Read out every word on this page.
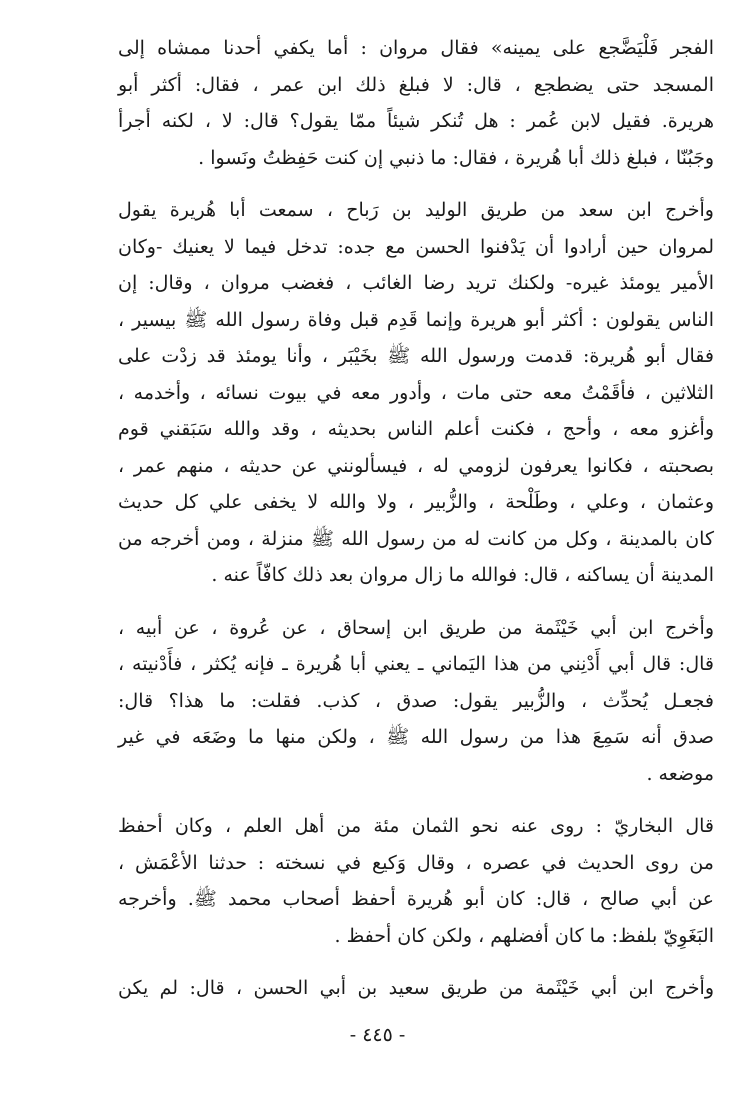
الفجر فَلْيَضَّجع على يمينه» فقال مروان : أما يكفي أحدنا ممشاه إلى
المسجد حتى يضطجع ، قال: لا فبلغ ذلك ابن عمر ، فقال: أكثر أبو
هريرة. فقيل لابن عُمر : هل تُنكر شيئاً ممّا يقول؟ قال: لا ، لكنه أجرأ
وجَبُنّا ، فبلغ ذلك أبا هُريرة ، فقال: ما ذنبي إن كنت حَفِظتُ ونَسوا .
وأخرج ابن سعد من طريق الوليد بن رَباح ، سمعت أبا هُريرة يقول
لمروان حين أرادوا أن يَدْفنوا الحسن مع جده: تدخل فيما لا يعنيك -وكان
الأمير يومئذ غيره- ولكنك تريد رضا الغائب ، فغضب مروان ، وقال: إن
الناس يقولون : أكثر أبو هريرة وإنما قَدِم قبل وفاة رسول الله ﷺ بيسير ،
فقال أبو هُريرة: قدمت ورسول الله ﷺ بخَيْبَر ، وأنا يومئذ قد زدْت على
الثلاثين ، فأقَمْتُ معه حتى مات ، وأدور معه في بيوت نسائه ، وأخدمه ،
وأغزو معه ، وأحج ، فكنت أعلم الناس بحديثه ، وقد والله سَبَقني قوم
بصحبته ، فكانوا يعرفون لزومي له ، فيسألونني عن حديثه ، منهم عمر ،
وعثمان ، وعلي ، وطَلْحة ، والزُّبير ، ولا والله لا يخفى علي كل حديث
كان بالمدينة ، وكل من كانت له من رسول الله ﷺ منزلة ، ومن أخرجه من
المدينة أن يساكنه ، قال: فوالله ما زال مروان بعد ذلك كافّاً عنه .
وأخرج ابن أبي خَيْثَمة من طريق ابن إسحاق ، عن عُروة ، عن أبيه ،
قال: قال أبي أَدْنِني من هذا اليَماني ـ يعني أبا هُريرة ـ فإنه يُكثر ، فأَدْنيته ،
فجعـل يُحدِّث ، والزُّبير يقول: صدق ، كذب. فقلت: ما هذا؟ قال:
صدق أنه سَمِعَ هذا من رسول الله ﷺ ، ولكن منها ما وضَعَه في غير
موضعه .
قال البخاريّ : روى عنه نحو الثمان مئة من أهل العلم ، وكان أحفظ
من روى الحديث في عصره ، وقال وَكيع في نسخته : حدثنا الأعْمَش ،
عن أبي صالح ، قال: كان أبو هُريرة أحفظ أصحاب محمد ﷺ. وأخرجه
البَغَوِيّ بلفظ: ما كان أفضلهم ، ولكن كان أحفظ .
وأخرج ابن أبي خَيْثَمة من طريق سعيد بن أبي الحسن ، قال: لم يكن
- ٤٤٥ -
